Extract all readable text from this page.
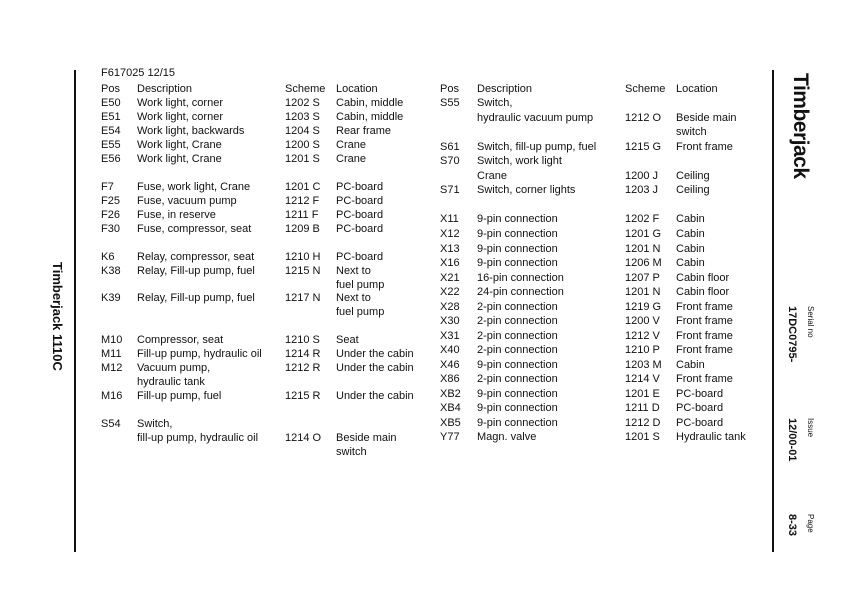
Timberjack 1110C
Timberjack
Serial no
17DC0795-
Issue
12/00-01
Page
8-33
F617025 12/15
Pos Description	Scheme Location
E50 Work light, corner	1202 S Cabin, middle
E51 Work light, corner	1203 S Cabin, middle
E54 Work light, backwards	1204 S Rear frame
E55 Work light, Crane	1200 S Crane
E56 Work light, Crane	1201 S Crane
F7 Fuse, work light, Crane	1201 C PC-board
F25 Fuse, vacuum pump	1212 F PC-board
F26 Fuse, in reserve	1211 F PC-board
F30 Fuse, compressor, seat	1209 B PC-board
K6 Relay, compressor, seat	1210 H PC-board
K38 Relay, Fill-up pump, fuel	1215 N Next to
fuel pump
K39 Relay, Fill-up pump, fuel	1217 N Next to
fuel pump
M10 Compressor, seat	1210 S Seat
M11 Fill-up pump, hydraulic oil 1214 R Under the cabin
M12 Vacuum pump,	1212 R Under the cabin
hydraulic tank
M16 Fill-up pump, fuel	1215 R Under the cabin
S54 Switch,
fill-up pump, hydraulic oil 1214 O Beside main
switch
Pos Description	Scheme Location
S55 Switch,
hydraulic vacuum pump	1212 O Beside main
switch
S61 Switch, fill-up pump, fuel	1215 G Front frame
S70 Switch, work light
Crane	1200 J Ceiling
S71 Switch, corner lights	1203 J Ceiling
X11 9-pin connection	1202 F Cabin
X12 9-pin connection	1201 G Cabin
X13 9-pin connection	1201 N Cabin
X16 9-pin connection	1206 M Cabin
X21 16-pin connection	1207 P Cabin floor
X22 24-pin connection	1201 N Cabin floor
X28 2-pin connection	1219 G Front frame
X30 2-pin connection	1200 V Front frame
X31 2-pin connection	1212 V Front frame
X40 2-pin connection	1210 P Front frame
X46 9-pin connection	1203 M Cabin
X86 2-pin connection	1214 V Front frame
XB2 9-pin connection	1201 E PC-board
XB4 9-pin connection	1211 D PC-board
XB5 9-pin connection	1212 D PC-board
Y77 Magn. valve	1201 S Hydraulic tank
